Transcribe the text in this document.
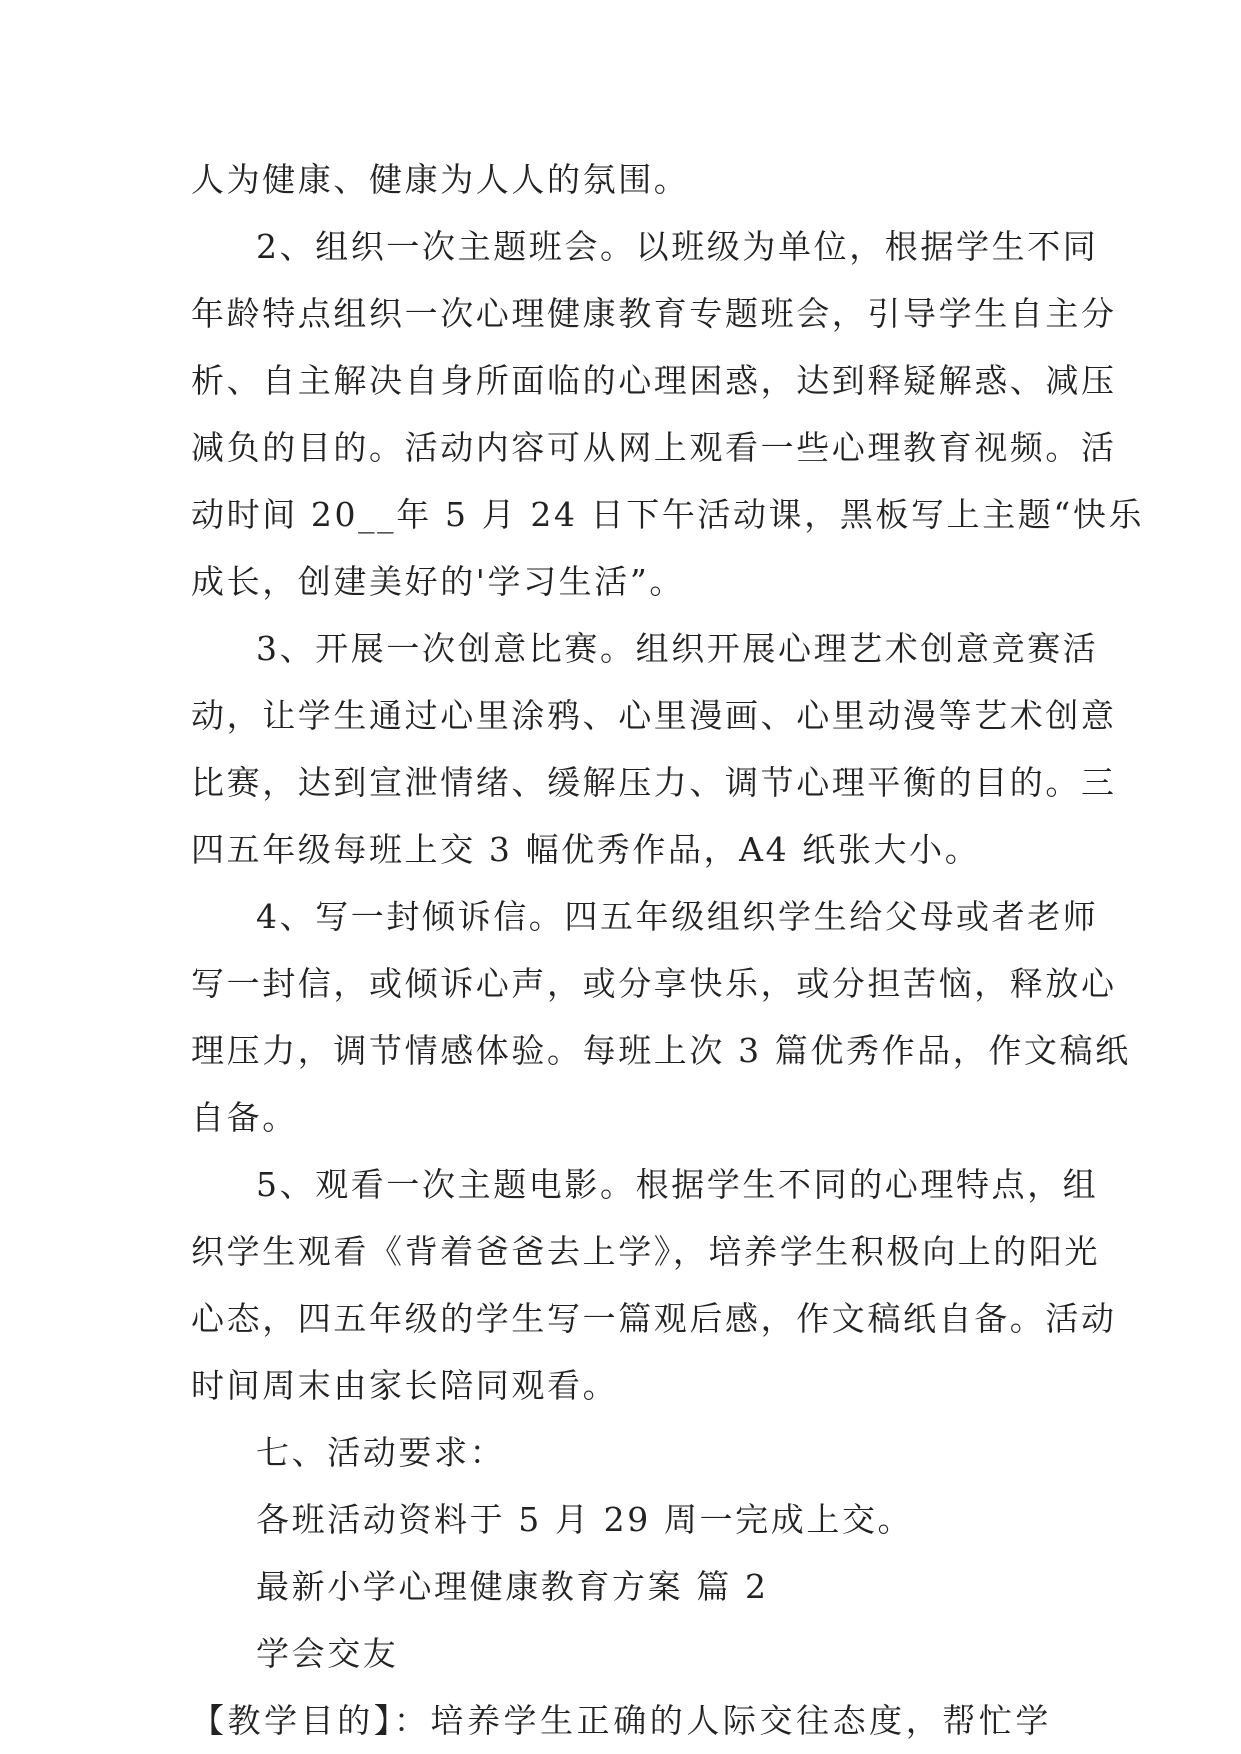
人为健康、健康为人人的氛围。
2、组织一次主题班会。以班级为单位，根据学生不同
年龄特点组织一次心理健康教育专题班会，引导学生自主分
析、自主解决自身所面临的心理困惑，达到释疑解惑、减压
减负的目的。活动内容可从网上观看一些心理教育视频。活
动时间 20__年 5 月 24 日下午活动课，黑板写上主题“快乐
成长，创建美好的'学习生活”。
3、开展一次创意比赛。组织开展心理艺术创意竞赛活
动，让学生通过心里涂鸦、心里漫画、心里动漫等艺术创意
比赛，达到宣泄情绪、缓解压力、调节心理平衡的目的。三
四五年级每班上交 3 幅优秀作品，A4 纸张大小。
4、写一封倾诉信。四五年级组织学生给父母或者老师
写一封信，或倾诉心声，或分享快乐，或分担苦恼，释放心
理压力，调节情感体验。每班上次 3 篇优秀作品，作文稿纸
自备。
5、观看一次主题电影。根据学生不同的心理特点，组
织学生观看《背着爸爸去上学》，培养学生积极向上的阳光
心态，四五年级的学生写一篇观后感，作文稿纸自备。活动
时间周末由家长陪同观看。
七、活动要求：
各班活动资料于 5 月 29 周一完成上交。
最新小学心理健康教育方案 篇 2
学会交友
【教学目的】：培养学生正确的人际交往态度，帮忙学
